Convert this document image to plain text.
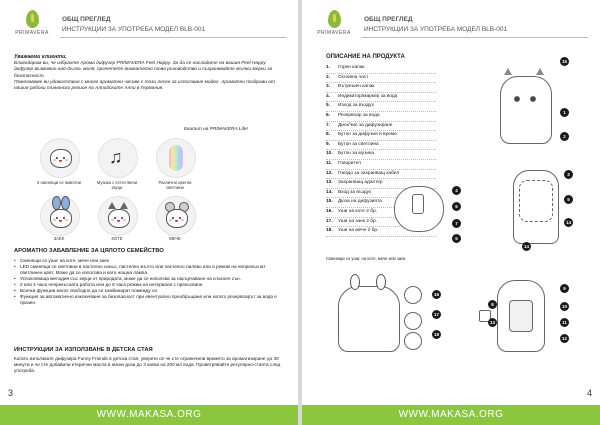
PRIMAVERA
ОБЩ ПРЕГЛЕД
ИНСТРУКЦИИ ЗА УПОТРЕБА МОДЕЛ BLB-001
Уважаеми клиенти,
Благодарим ви, че избрахте Арома дифузер PRIMAVERA Feel Happy. За да се насладите на вашия Feel Happy дифузер възможно най-дълго, моля, прочетете внимателно това ръководство и съхранявайте всички мерки за безопасност.
Пожелаваме ви удоволствие с много ароматни часове с този лесен за използване модел. Ароматни поздрави от нашия рабохи планински регион на Алпийските Алпи в Германия.
Екипът на PRIMAVERA Life!
3 сменящи се животни
♫
Музика с естествени звуци
Различни цветни светлини
ЗАЕК	КОТЕ	МЕЧЕ
АРОМАТНО ЗАБАВЛЕНИЕ ЗА ЦЯЛОТО СЕМЕЙСТВО
• Сменящи се уши: на коте, мече или заек
• LED сменящи се светлини в пастелно синьо, пастелно жълто или пастелно лилаво или в режим на непрекъснат светлинен цвят. Може да се използва и като нощна лампа.
• Успокояваща мелодия със звуци от природата, може да се използва за насърчаване на спокоен сън.
• 2 или 4 часа непрекъсната работа или до 8 часа режим на интервали с прекъсване.
• Всички функции могат свободно да се комбинират помежду си
• Функция за автоматично изключване за безопасност при евентуално преобръщане или когато резервоарът за вода е празен.
ИНСТРУКЦИИ ЗА ИЗПОЛЗВАНЕ В ДЕТСКА СТАЯ
Когато използвате дифузера Funny Friends в детска стая, уверете се че сте ограничили времето за ароматизиране до 30 минути и че сте добавили етерични масла в ниски дози до 3 капки на 200 мл вода. Проветрявайте регулярно-стаята след употреба.
3
WWW.MAKASA.ORG
PRIMAVERA
ОБЩ ПРЕГЛЕД
ИНСТРУКЦИИ ЗА УПОТРЕБА МОДЕЛ BLB-001
ОПИСАНИЕ НА ПРОДУКТА
1. Горен капак
2. Основна част
3. Вътрешен капак
4. Индикатор/маркер за вода
5. Изход за въздух
6. Резервоар за вода
7. Диск/чип за дифузиране
8. Бутон за дифузия и време
9. Бутон за светлина
10. Бутон за музика
11. Говорител
12. Гнездо за захранващ кабел
13. Захранващ адаптер
14. Вход за въздух
15. Дюза на дифузията
16. Уши на коте 2 бр.
17. Уши на заек 2 бр.
18. Уши на мече 2 бр.
Сменящи се уши: на коте, мече или заек
15
1
2
3
5
14
4
6
7
5
14
16
17
18
9
10
11
12
8
13
4
WWW.MAKASA.ORG
